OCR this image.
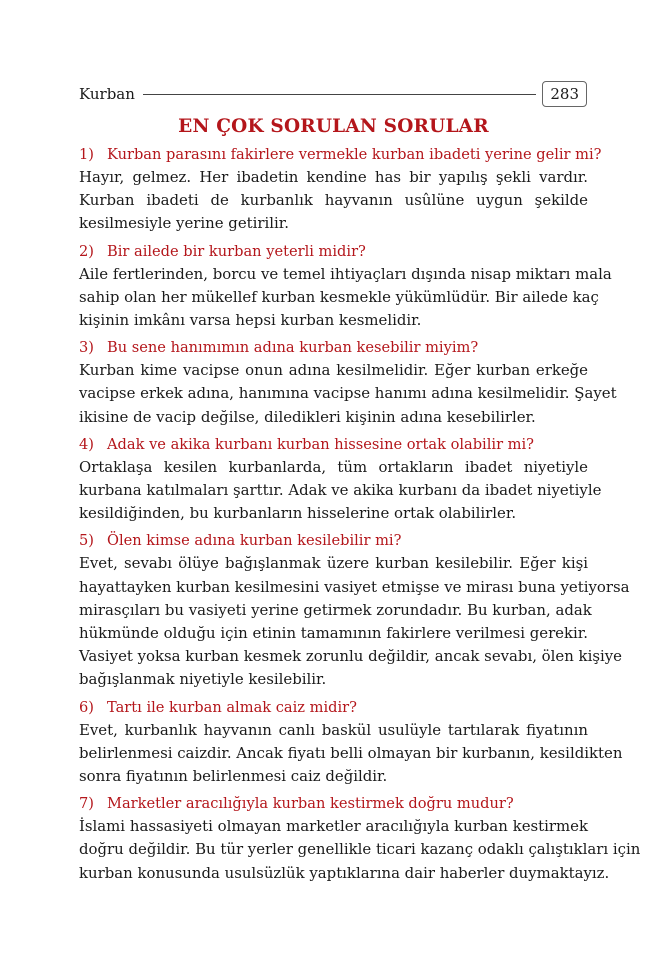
Kurban	283
EN ÇOK SORULAN SORULAR
1) Kurban parasını fakirlere vermekle kurban ibadeti yerine gelir mi?
Hayır, gelmez. Her ibadetin kendine has bir yapılış şekli vardır.
Kurban ibadeti de kurbanlık hayvanın usûlüne uygun şekilde
kesilmesiyle yerine getirilir.
2) Bir ailede bir kurban yeterli midir?
Aile fertlerinden, borcu ve temel ihtiyaçları dışında nisap miktarı mala
sahip olan her mükellef kurban kesmekle yükümlüdür. Bir ailede kaç
kişinin imkânı varsa hepsi kurban kesmelidir.
3) Bu sene hanımımın adına kurban kesebilir miyim?
Kurban kime vacipse onun adına kesilmelidir. Eğer kurban erkeğe
vacipse erkek adına, hanımına vacipse hanımı adına kesilmelidir. Şayet
ikisine de vacip değilse, diledikleri kişinin adına kesebilirler.
4) Adak ve akika kurbanı kurban hissesine ortak olabilir mi?
Ortaklaşa kesilen kurbanlarda, tüm ortakların ibadet niyetiyle
kurbana katılmaları şarttır. Adak ve akika kurbanı da ibadet niyetiyle
kesildiğinden, bu kurbanların hisselerine ortak olabilirler.
5) Ölen kimse adına kurban kesilebilir mi?
Evet, sevabı ölüye bağışlanmak üzere kurban kesilebilir. Eğer kişi
hayattayken kurban kesilmesini vasiyet etmişse ve mirası buna yetiyorsa
mirasçıları bu vasiyeti yerine getirmek zorundadır. Bu kurban, adak
hükmünde olduğu için etinin tamamının fakirlere verilmesi gerekir.
Vasiyet yoksa kurban kesmek zorunlu değildir, ancak sevabı, ölen kişiye
bağışlanmak niyetiyle kesilebilir.
6) Tartı ile kurban almak caiz midir?
Evet, kurbanlık hayvanın canlı baskül usulüyle tartılarak fiyatının
belirlenmesi caizdir. Ancak fiyatı belli olmayan bir kurbanın, kesildikten
sonra fiyatının belirlenmesi caiz değildir.
7) Marketler aracılığıyla kurban kestirmek doğru mudur?
İslami hassasiyeti olmayan marketler aracılığıyla kurban kestirmek
doğru değildir. Bu tür yerler genellikle ticari kazanç odaklı çalıştıkları için
kurban konusunda usulsüzlük yaptıklarına dair haberler duymaktayız.
